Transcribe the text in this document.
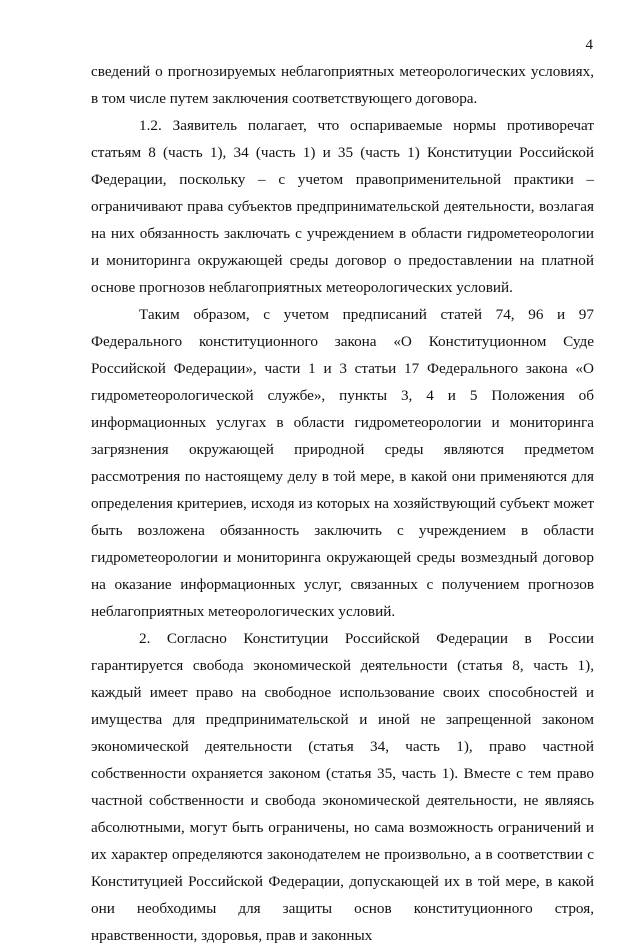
4

сведений о прогнозируемых неблагоприятных метеорологических условиях, в том числе путем заключения соответствующего договора.

1.2. Заявитель полагает, что оспариваемые нормы противоречат статьям 8 (часть 1), 34 (часть 1) и 35 (часть 1) Конституции Российской Федерации, поскольку – с учетом правоприменительной практики – ограничивают права субъектов предпринимательской деятельности, возлагая на них обязанность заключать с учреждением в области гидрометеорологии и мониторинга окружающей среды договор о предоставлении на платной основе прогнозов неблагоприятных метеорологических условий.

Таким образом, с учетом предписаний статей 74, 96 и 97 Федерального конституционного закона «О Конституционном Суде Российской Федерации», части 1 и 3 статьи 17 Федерального закона «О гидрометеорологической службе», пункты 3, 4 и 5 Положения об информационных услугах в области гидрометеорологии и мониторинга загрязнения окружающей природной среды являются предметом рассмотрения по настоящему делу в той мере, в какой они применяются для определения критериев, исходя из которых на хозяйствующий субъект может быть возложена обязанность заключить с учреждением в области гидрометеорологии и мониторинга окружающей среды возмездный договор на оказание информационных услуг, связанных с получением прогнозов неблагоприятных метеорологических условий.

2. Согласно Конституции Российской Федерации в России гарантируется свобода экономической деятельности (статья 8, часть 1), каждый имеет право на свободное использование своих способностей и имущества для предпринимательской и иной не запрещенной законом экономической деятельности (статья 34, часть 1), право частной собственности охраняется законом (статья 35, часть 1). Вместе с тем право частной собственности и свобода экономической деятельности, не являясь абсолютными, могут быть ограничены, но сама возможность ограничений и их характер определяются законодателем не произвольно, а в соответствии с Конституцией Российской Федерации, допускающей их в той мере, в какой они необходимы для защиты основ конституционного строя, нравственности, здоровья, прав и законных
